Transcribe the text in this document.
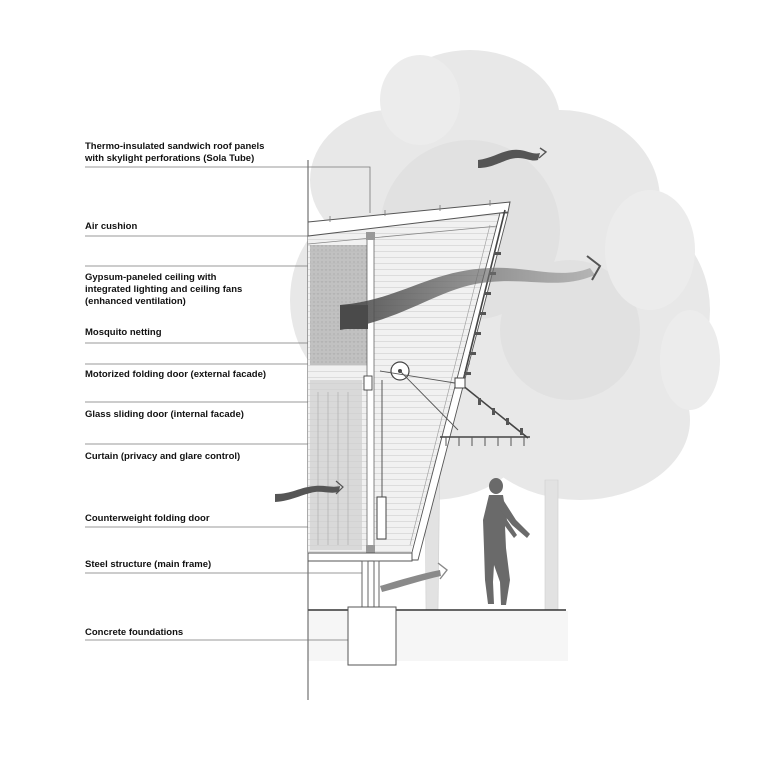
Thermo-insulated sandwich roof panels
with skylight perforations (Sola Tube)
Air cushion
Gypsum-paneled ceiling with
integrated lighting and ceiling fans
(enhanced ventilation)
Mosquito netting
Motorized folding door (external facade)
Glass sliding door (internal facade)
Curtain (privacy and glare control)
Counterweight folding door
Steel structure (main frame)
Concrete foundations
